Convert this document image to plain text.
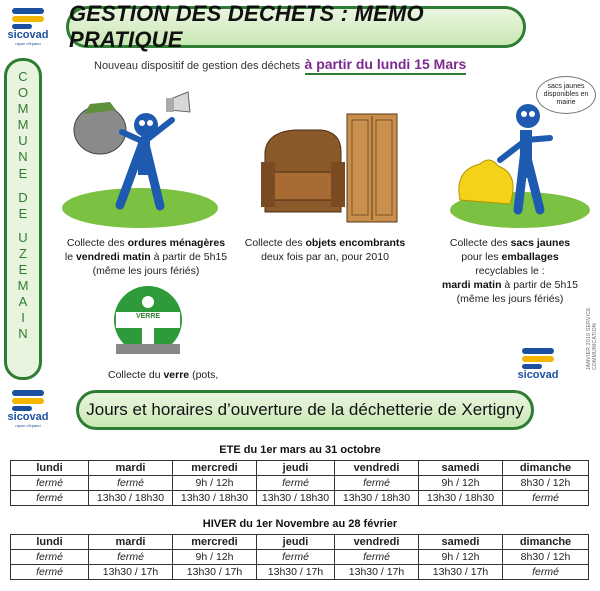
sicovad
rayon d'épand
GESTION DES DECHETS : MEMO PRATIQUE
C
O
M
M
U
N
E
D
E
U
Z
E
M
A
I
N
Nouveau dispositif de gestion des déchets à partir du lundi 15 Mars
Collecte des ordures ménagères
le vendredi matin à partir de 5h15
(même les jours fériés)
Collecte des objets encombrants
deux fois par an, pour 2010
sacs jaunes disponibles en mairie
Collecte des sacs jaunes
pour les emballages
recyclables le :
mardi matin à partir de 5h15
(même les jours fériés)
VERRE
Collecte du verre (pots,
JANVIER 2010 SERVICE COMMUNICATION
sicovad
sicovad
rayon d'épand
Jours et horaires d’ouverture de la déchetterie de Xertigny
ETE du 1er mars au 31 octobre
lundi	mardi	mercredi	jeudi	vendredi	samedi	dimanche
fermé	fermé	9h / 12h	fermé	fermé	9h / 12h	8h30 / 12h
fermé	13h30 / 18h30	13h30 / 18h30	13h30 / 18h30	13h30 / 18h30	13h30 / 18h30	fermé
HIVER du 1er Novembre au 28 février
lundi	mardi	mercredi	jeudi	vendredi	samedi	dimanche
fermé	fermé	9h / 12h	fermé	fermé	9h / 12h	8h30 / 12h
fermé	13h30 / 17h	13h30 / 17h	13h30 / 17h	13h30 / 17h	13h30 / 17h	fermé
